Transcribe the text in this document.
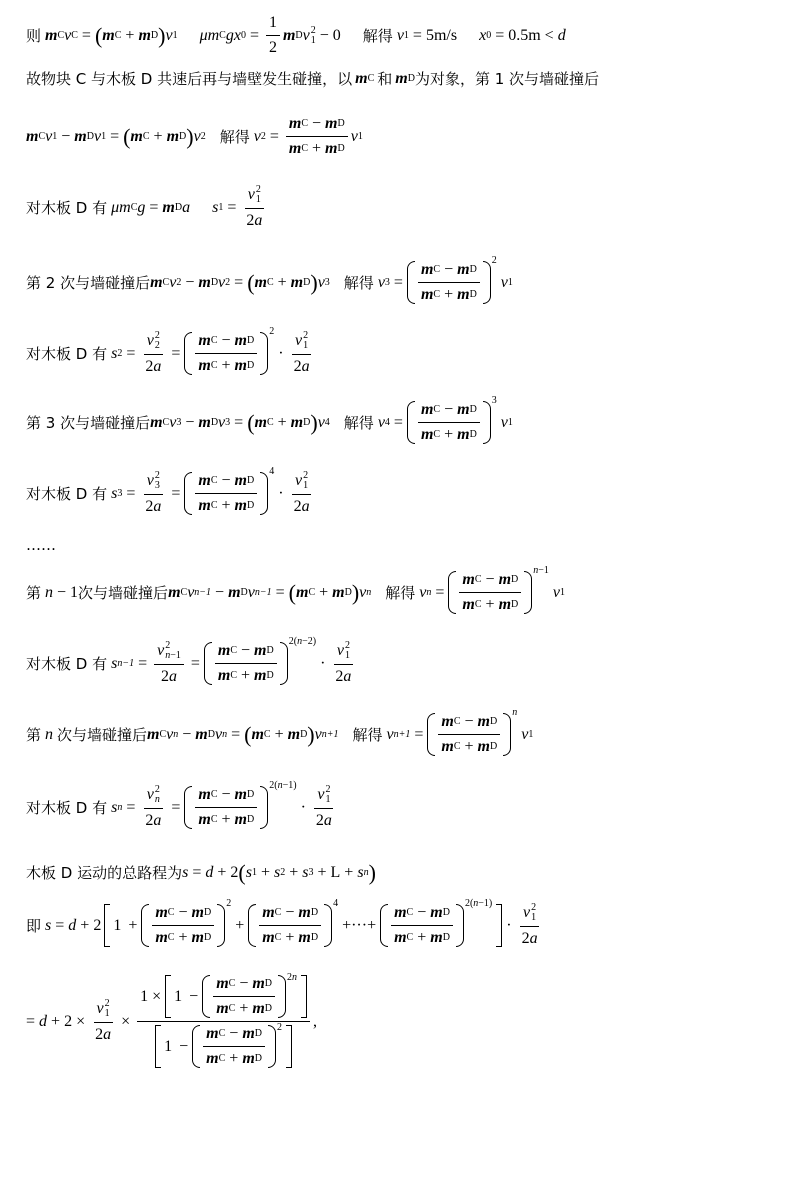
则
m C v C = ( m C + m D ) v 1 μm C gx $0 = \frac{1}{2}$ m D v 2
1 − 0 解得
v 1 = 5m/s x 0 = 0.5m < d
故物块 C 与木板 D 共速后再与墙壁发生碰撞，以 m C 和 m D 为对象，第 1 次与墙碰撞后
m C v 1 − m D v 1 = ( m C + m D ) v 2 解得
v $2 = \frac{\text{m C − m D}}{\text{m C + m D}}$ v 1
对木板 D 有
μm C g = m D a s 1 = v 2
1
2 a
第 2 次与墙碰撞后 m C v 2 − m D v 2 = ( m C + m D ) v 3 解得
v $3 = \frac{\text{m C − m D}}{\text{m C + m D}}$
2
v 1
对木板 D 有
s 2 = v 2
2
2 $a = \frac{\text{m C − m D}}{\text{m C + m D}}$
2
· v 2
1
2 a
第 3 次与墙碰撞后 m C v 3 − m D v 3 = ( m C + m D ) v 4 解得
v $4 = \frac{\text{m C − m D}}{\text{m C + m D}}$
3
v 1
对木板 D 有
s 3 = v 2
3
2 $a = \frac{\text{m C − m D}}{\text{m C + m D}}$
4
· v 2
1
2 a
……
第
n − 1 次与墙碰撞后 m C v n−1 − m D v n−1 = ( m C + m D ) v n 解得
v $n = \frac{\text{m C − m D}}{\text{m C + m D}}$
n−1
v 1
对木板 D 有
s n−1 = v 2
n−1
2 $a = \frac{\text{m C − m D}}{\text{m C + m D}}$
2(n−2)
· v 2
1
2 a
第
n
次与墙碰撞后 m C v n − m D v n = ( m C + m D ) v n+1 解得
v $n+1 = \frac{\text{m C − m D}}{\text{m C + m D}}$
n
v 1
对木板 D 有
s n = v 2
n
2 $a = \frac{\text{m C − m D}}{\text{m C + m D}}$
2(n−1)
· v 2
1
2 a
木板 D 运动的总路程为 s = d + 2 ( s 1 + s 2 + s 3 + L + s n )
即
s = d + 2 $1 + \frac{\text{m C − m D}}{\text{m C + m D}}$
2
+ $\frac{\text{m C − m D}}{\text{m C + m D}}$
4
+···+ $\frac{\text{m C − m D}}{\text{m C + m D}}$
2(n−1)
· v 2
1
2 a
= d + 2 × v 2
1
2 $a \times \frac{1 \times 1 - \frac{\text{m C − m D}}{\text{m C + m D}} 2n}{1 - \frac{\text{m C − m D}}{\text{m C + m D}} 2}$ ,
